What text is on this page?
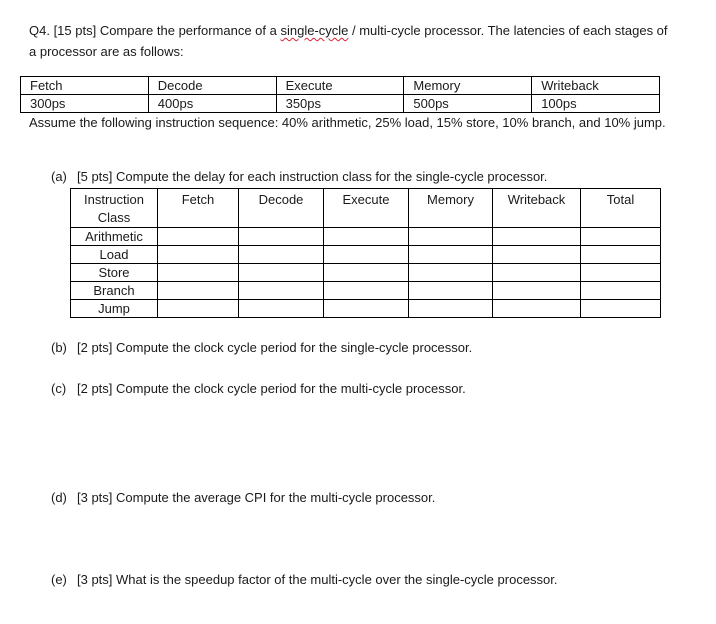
Q4. [15 pts] Compare the performance of a single-cycle / multi-cycle processor. The latencies of each stages of a processor are as follows:
Fetch	Decode	Execute	Memory	Writeback
300ps	400ps	350ps	500ps	100ps
Assume the following instruction sequence: 40% arithmetic, 25% load, 15% store, 10% branch, and 10% jump.
(a) [5 pts] Compute the delay for each instruction class for the single-cycle processor.
Instruction Class	Fetch	Decode	Execute	Memory	Writeback	Total
Arithmetic						
Load						
Store						
Branch						
Jump						
(b) [2 pts] Compute the clock cycle period for the single-cycle processor.
(c) [2 pts] Compute the clock cycle period for the multi-cycle processor.
(d) [3 pts] Compute the average CPI for the multi-cycle processor.
(e) [3 pts] What is the speedup factor of the multi-cycle over the single-cycle processor.
